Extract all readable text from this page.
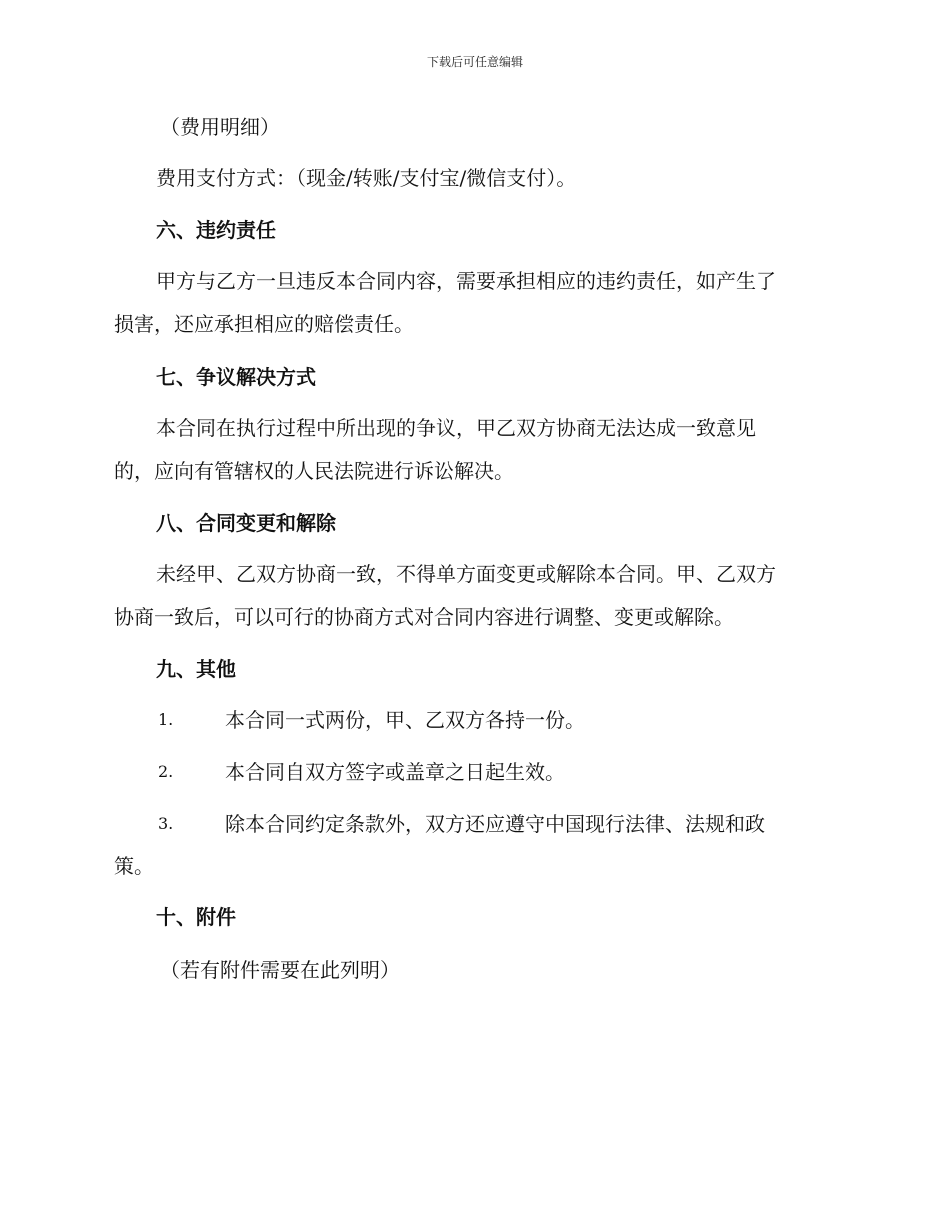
下载后可任意编辑
（费用明细）
费用支付方式：（现金/转账/支付宝/微信支付）。
六、违约责任
甲方与乙方一旦违反本合同内容，需要承担相应的违约责任，如产生了
损害，还应承担相应的赔偿责任。
七、争议解决方式
本合同在执行过程中所出现的争议，甲乙双方协商无法达成一致意见
的，应向有管辖权的人民法院进行诉讼解决。
八、合同变更和解除
未经甲、乙双方协商一致，不得单方面变更或解除本合同。甲、乙双方
协商一致后，可以可行的协商方式对合同内容进行调整、变更或解除。
九、其他
1.	本合同一式两份，甲、乙双方各持一份。
2.	本合同自双方签字或盖章之日起生效。
3.	除本合同约定条款外，双方还应遵守中国现行法律、法规和政
策。
十、附件
（若有附件需要在此列明）
